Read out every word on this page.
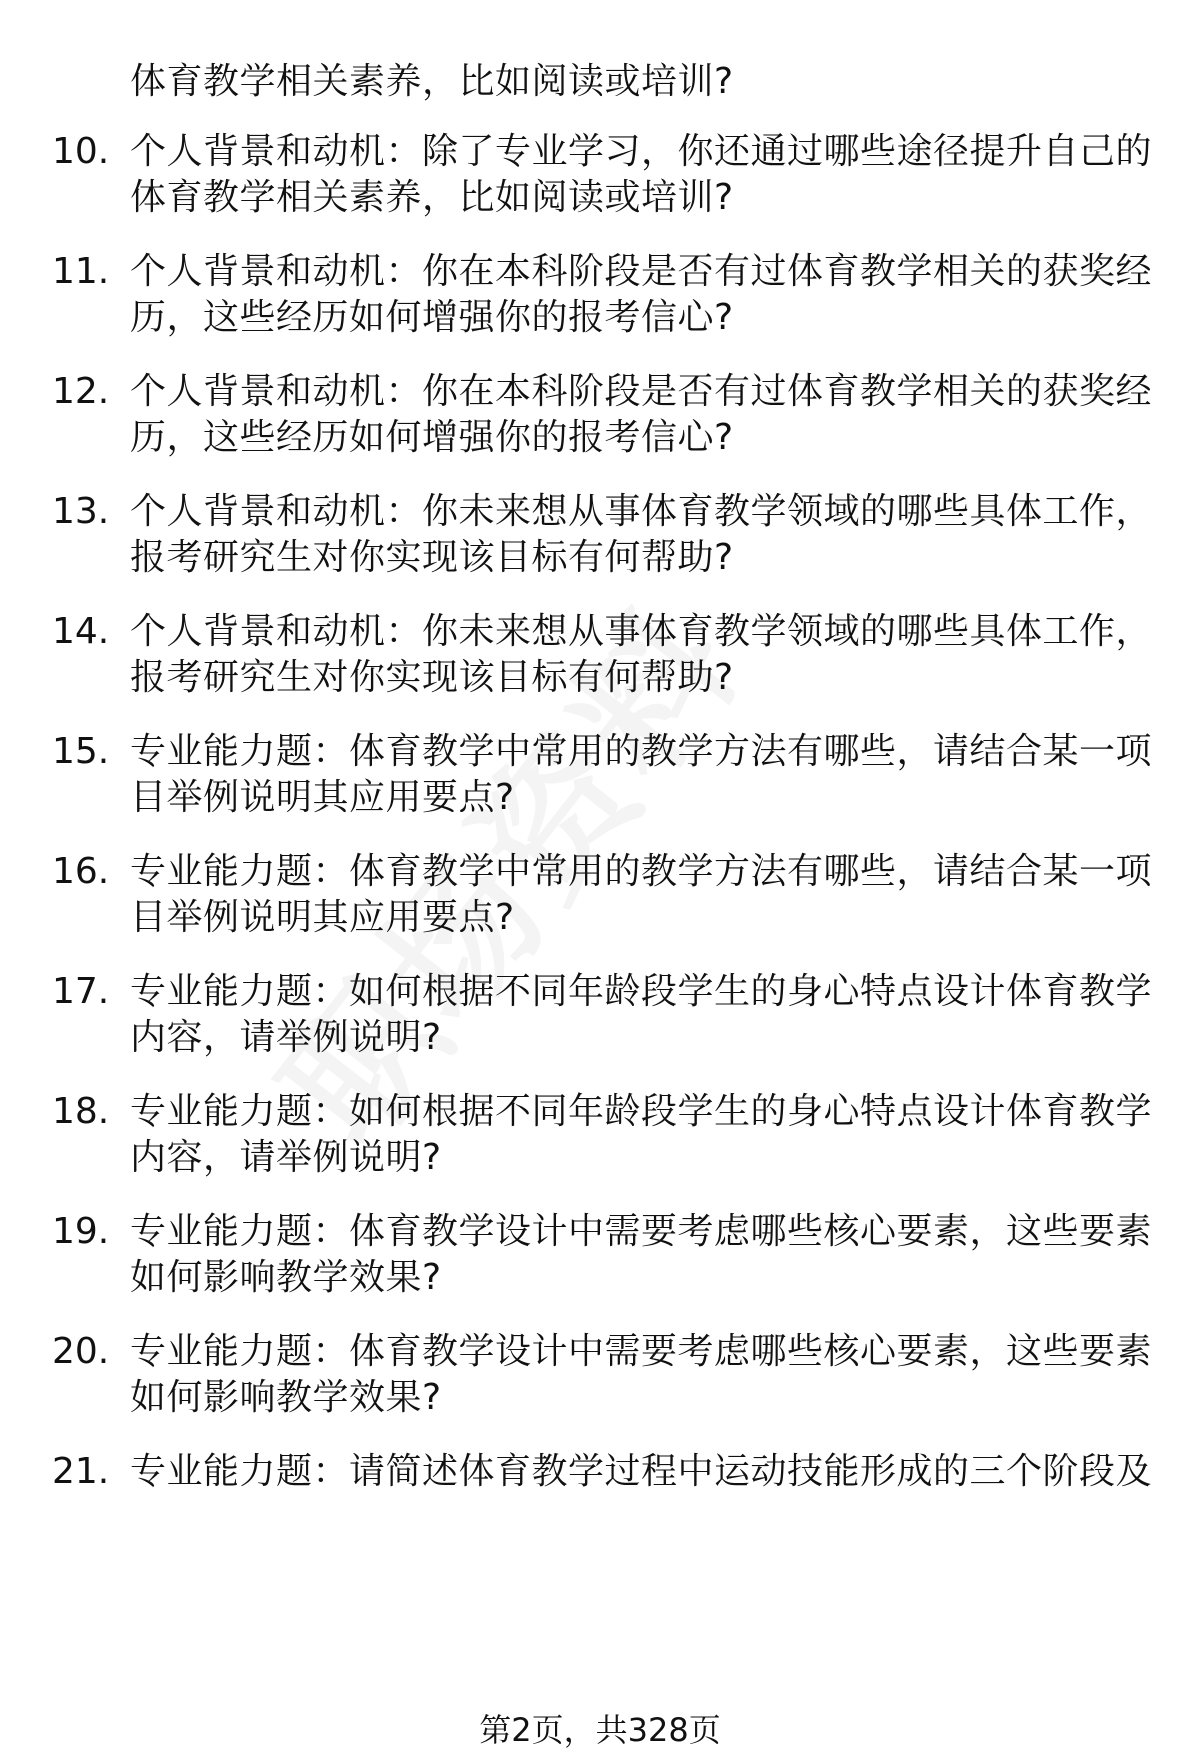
体育教学相关素养，比如阅读或培训?
10. 个人背景和动机：除了专业学习，你还通过哪些途径提升自己的
体育教学相关素养，比如阅读或培训?
11. 个人背景和动机：你在本科阶段是否有过体育教学相关的获奖经
历，这些经历如何增强你的报考信心?
12. 个人背景和动机：你在本科阶段是否有过体育教学相关的获奖经
历，这些经历如何增强你的报考信心?
13. 个人背景和动机：你未来想从事体育教学领域的哪些具体工作，
报考研究生对你实现该目标有何帮助?
14. 个人背景和动机：你未来想从事体育教学领域的哪些具体工作，
报考研究生对你实现该目标有何帮助?
15. 专业能力题：体育教学中常用的教学方法有哪些，请结合某一项
目举例说明其应用要点?
16. 专业能力题：体育教学中常用的教学方法有哪些，请结合某一项
目举例说明其应用要点?
17. 专业能力题：如何根据不同年龄段学生的身心特点设计体育教学
内容，请举例说明?
18. 专业能力题：如何根据不同年龄段学生的身心特点设计体育教学
内容，请举例说明?
19. 专业能力题：体育教学设计中需要考虑哪些核心要素，这些要素
如何影响教学效果?
20. 专业能力题：体育教学设计中需要考虑哪些核心要素，这些要素
如何影响教学效果?
21. 专业能力题：请简述体育教学过程中运动技能形成的三个阶段及
第2页，共328页
